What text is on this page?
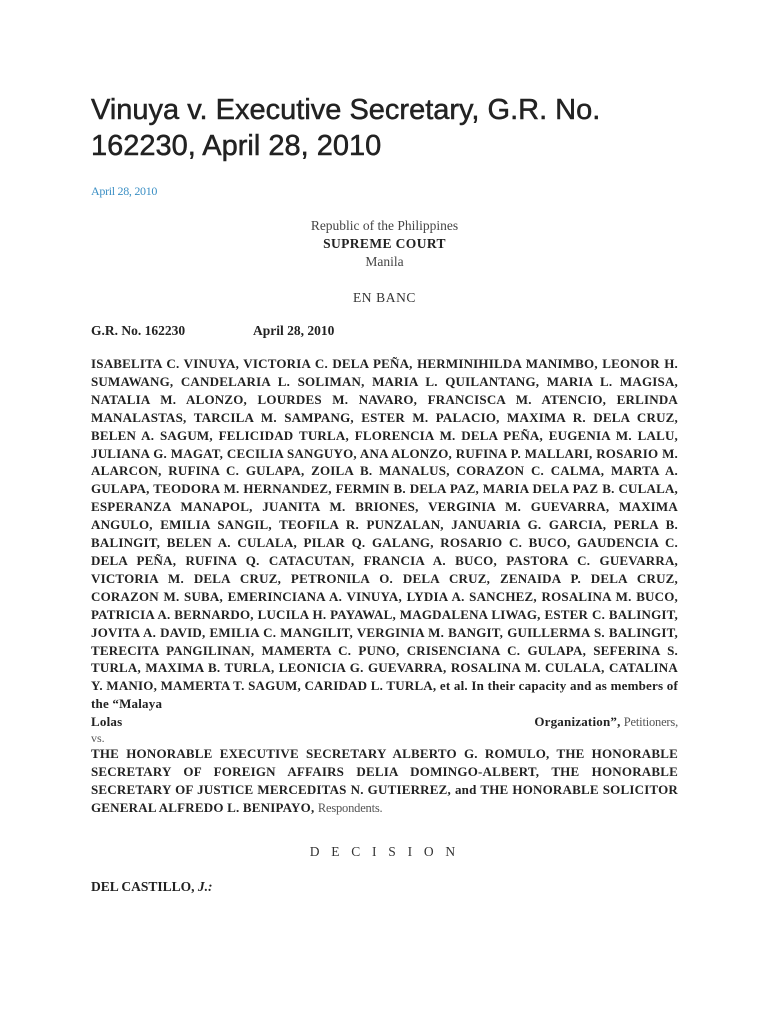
Vinuya v. Executive Secretary, G.R. No. 162230, April 28, 2010
April 28, 2010
Republic of the Philippines
SUPREME COURT
Manila
EN BANC
G.R. No. 162230	April 28, 2010
ISABELITA C. VINUYA, VICTORIA C. DELA PEÑA, HERMINIHILDA MANIMBO, LEONOR H. SUMAWANG, CANDELARIA L. SOLIMAN, MARIA L. QUILANTANG, MARIA L. MAGISA, NATALIA M. ALONZO, LOURDES M. NAVARO, FRANCISCA M. ATENCIO, ERLINDA MANALASTAS, TARCILA M. SAMPANG, ESTER M. PALACIO, MAXIMA R. DELA CRUZ, BELEN A. SAGUM, FELICIDAD TURLA, FLORENCIA M. DELA PEÑA, EUGENIA M. LALU, JULIANA G. MAGAT, CECILIA SANGUYO, ANA ALONZO, RUFINA P. MALLARI, ROSARIO M. ALARCON, RUFINA C. GULAPA, ZOILA B. MANALUS, CORAZON C. CALMA, MARTA A. GULAPA, TEODORA M. HERNANDEZ, FERMIN B. DELA PAZ, MARIA DELA PAZ B. CULALA, ESPERANZA MANAPOL, JUANITA M. BRIONES, VERGINIA M. GUEVARRA, MAXIMA ANGULO, EMILIA SANGIL, TEOFILA R. PUNZALAN, JANUARIA G. GARCIA, PERLA B. BALINGIT, BELEN A. CULALA, PILAR Q. GALANG, ROSARIO C. BUCO, GAUDENCIA C. DELA PEÑA, RUFINA Q. CATACUTAN, FRANCIA A. BUCO, PASTORA C. GUEVARRA, VICTORIA M. DELA CRUZ, PETRONILA O. DELA CRUZ, ZENAIDA P. DELA CRUZ, CORAZON M. SUBA, EMERINCIANA A. VINUYA, LYDIA A. SANCHEZ, ROSALINA M. BUCO, PATRICIA A. BERNARDO, LUCILA H. PAYAWAL, MAGDALENA LIWAG, ESTER C. BALINGIT, JOVITA A. DAVID, EMILIA C. MANGILIT, VERGINIA M. BANGIT, GUILLERMA S. BALINGIT, TERECITA PANGILINAN, MAMERTA C. PUNO, CRISENCIANA C. GULAPA, SEFERINA S. TURLA, MAXIMA B. TURLA, LEONICIA G. GUEVARRA, ROSALINA M. CULALA, CATALINA Y. MANIO, MAMERTA T. SAGUM, CARIDAD L. TURLA, et al. In their capacity and as members of the “Malaya
Lolas	Organization”, Petitioners,
vs.
THE HONORABLE EXECUTIVE SECRETARY ALBERTO G. ROMULO, THE HONORABLE SECRETARY OF FOREIGN AFFAIRS DELIA DOMINGO-ALBERT, THE HONORABLE SECRETARY OF JUSTICE MERCEDITAS N. GUTIERREZ, and THE HONORABLE SOLICITOR GENERAL ALFREDO L. BENIPAYO, Respondents.
D E C I S I O N
DEL CASTILLO, J.:
